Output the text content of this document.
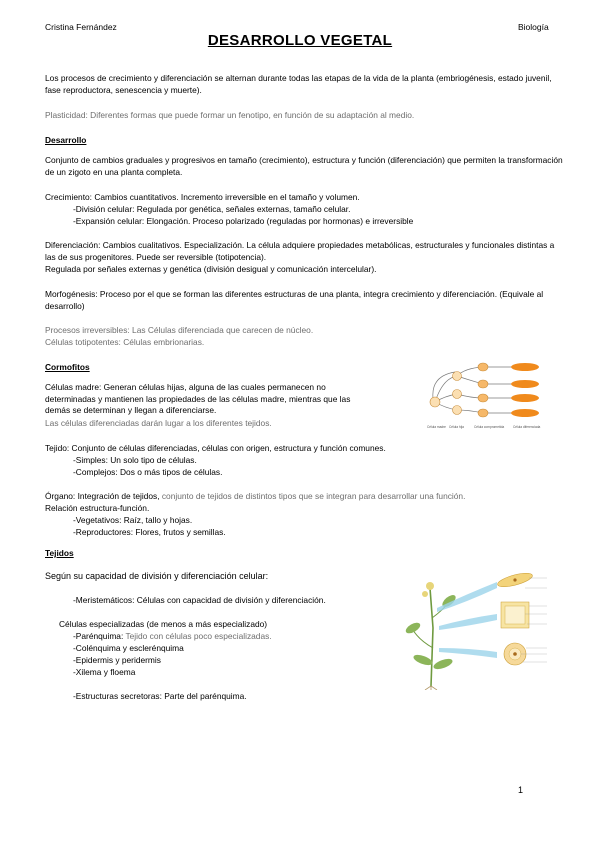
Cristina Fernández	Biología
DESARROLLO VEGETAL
Los procesos de crecimiento y diferenciación se alternan durante todas las etapas de la vida de la planta (embriogénesis, estado juvenil, fase reproductora, senescencia y muerte).
Plasticidad: Diferentes formas que puede formar un fenotipo, en función de su adaptación al medio.
Desarrollo
Conjunto de cambios graduales y progresivos en tamaño (crecimiento), estructura y función (diferenciación) que permiten la transformación de un zigoto en una planta completa.
Crecimiento: Cambios cuantitativos. Incremento irreversible en el tamaño y volumen.
-División celular: Regulada por genética, señales externas, tamaño celular.
-Expansión celular: Elongación. Proceso polarizado (reguladas por hormonas) e irreversible
Diferenciación: Cambios cualitativos. Especialización. La célula adquiere propiedades metabólicas, estructurales y funcionales distintas a las de sus progenitores. Puede ser reversible (totipotencia).
Regulada por señales externas y genética (división desigual y comunicación intercelular).
Morfogénesis: Proceso por el que se forman las diferentes estructuras de una planta, integra crecimiento y diferenciación. (Equivale al desarrollo)
Procesos irreversibles: Las Células diferenciada que carecen de núcleo.
Células totipotentes: Células embrionarias.
Cormofitos
Células madre: Generan células hijas, alguna de las cuales permanecen no determinadas y mantienen las propiedades de las células madre, mientras que las demás se determinan y llegan a diferenciarse.
Las células diferenciadas darán lugar a los diferentes tejidos.	Célula madre Célula hija	Célula comprometida	Célula diferenciada
Tejido: Conjunto de células diferenciadas, células con origen, estructura y función comunes.
-Simples: Un solo tipo de células.
-Complejos: Dos o más tipos de células.
Órgano: Integración de tejidos, conjunto de tejidos de distintos tipos que se integran para desarrollar una función.
Relación estructura-función.
-Vegetativos: Raíz, tallo y hojas.
-Reproductores: Flores, frutos y semillas.
Tejidos
Según su capacidad de división y diferenciación celular:
-Meristemáticos: Células con capacidad de división y diferenciación.
Células especializadas (de menos a más especializado)
-Parénquima: Tejido con células poco especializadas.
-Colénquima y esclerénquima
-Epidermis y peridermis
-Xilema y floema
-Estructuras secretoras: Parte del parénquima.
1
